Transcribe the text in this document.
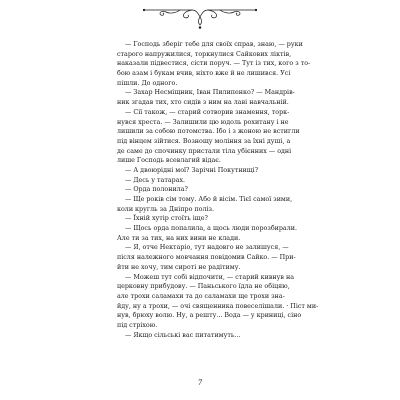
— Господь зберіг тебе для своїх справ, знаю, — руки
старого напружилися, торкнулися Сайкових ліктів,
наказали підвестися, сісти поруч. — Тут із тих, кого з то-
бою азам і букам вчив, ніхто вже й не лишився. Усі
пішли. До одного.
— Захар Несміщник, Іван Пилипенко? — Мандрів-
ник згадав тих, хто сидів з ним на лаві навчальній.
— Сії також, — старий сотворив знамення, торк-
нувся хреста. — Залишили цю юдоль рохитану і не
лишили за собою потомства. Ібо і з жоною не встигли
під вінцем зійтися. Вознощу моління за їхні душі, а
де саме до спочинку пристали тіла убієнних — одні
лише Господь всевлагий відає.
— А двоюрідні мої? Зарічні Покутнищі?
— Десь у татарах.
— Орда полонила?
— Ще років сім тому. Або й вісім. Тієї самої зими,
коли кругль за Дніпро поліз.
— Їхній хутір стоїть іще?
— Щось орда попалила, а щось люди порозбирали.
Але ти за тих, на них вини не клади.
— Я, отче Нектаріо, тут надовго не залишуся, —
після належного мовчання повідомив Сайко. — При-
йти не хочу, тим сироті не радітиму.
— Можеш тут собі відпочити, — старий кивнув на
церковну прибудову. — Паньського їдла не обіцяю,
але трохи саламахи та до саламахи ще трохи зна-
йду, ну а трохи, — очі священника повеселішали. · Піст ми-
нув, брюху волю. Ну, а решту... Вода — у криниці, сіно
під стріхою.
— Якщо сільські вас питатимуть...
7
